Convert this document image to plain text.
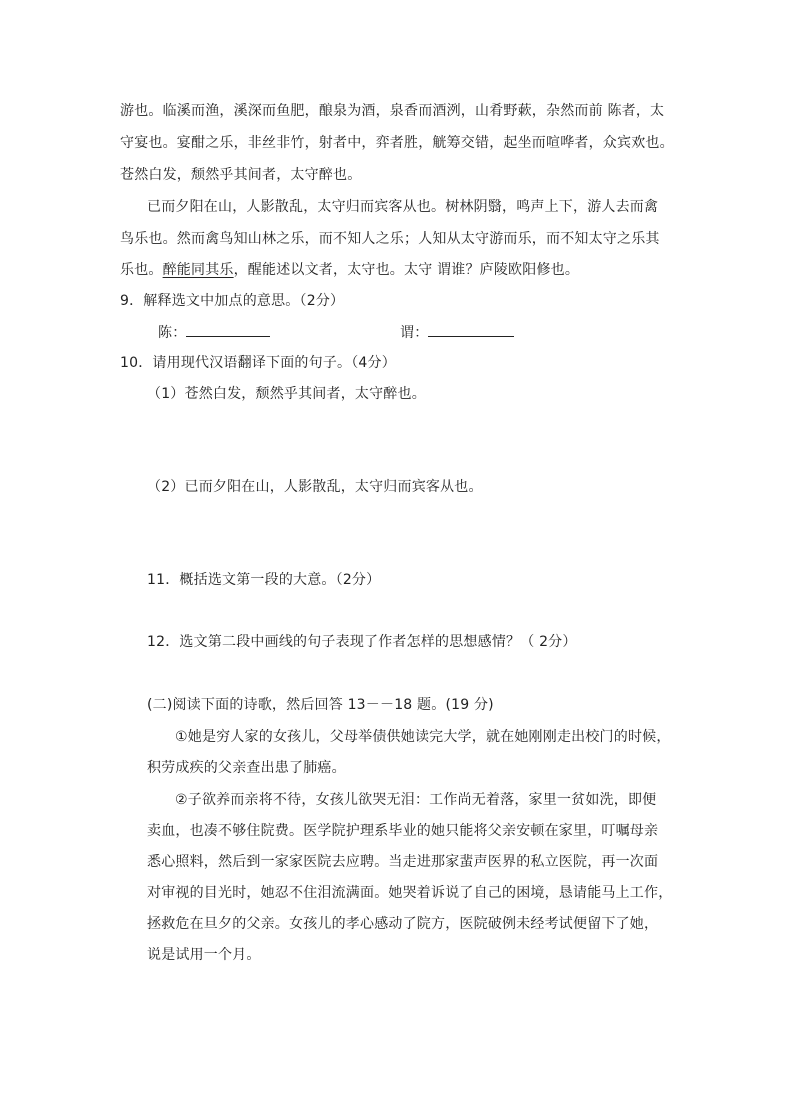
游也。临溪而渔，溪深而鱼肥，酿泉为酒，泉香而酒洌，山肴野蔌，杂然而前 陈者，太
守宴也。宴酣之乐，非丝非竹，射者中，弈者胜，觥筹交错，起坐而喧哗者，众宾欢也。
苍然白发，颓然乎其间者，太守醉也。
已而夕阳在山，人影散乱，太守归而宾客从也。树林阴翳，鸣声上下，游人去而禽
鸟乐也。然而禽鸟知山林之乐，而不知人之乐；人知从太守游而乐，而不知太守之乐其
乐也。醉能同其乐，醒能述以文者，太守也。太守 谓谁？庐陵欧阳修也。
9．解释选文中加点的意思。（2分）
陈：	谓：
10．请用现代汉语翻译下面的句子。（4分）
（1）苍然白发，颓然乎其间者，太守醉也。
（2）已而夕阳在山，人影散乱，太守归而宾客从也。
11．概括选文第一段的大意。（2分）
12．选文第二段中画线的句子表现了作者怎样的思想感情？（ 2分）
(二)阅读下面的诗歌，然后回答 13－－18 题。(19 分)
①她是穷人家的女孩儿，父母举债供她读完大学，就在她刚刚走出校门的时候，
积劳成疾的父亲查出患了肺癌。
②子欲养而亲将不待，女孩儿欲哭无泪：工作尚无着落，家里一贫如洗，即便
卖血，也凑不够住院费。医学院护理系毕业的她只能将父亲安顿在家里，叮嘱母亲
悉心照料，然后到一家家医院去应聘。当走进那家蜚声医界的私立医院，再一次面
对审视的目光时，她忍不住泪流满面。她哭着诉说了自己的困境，恳请能马上工作，
拯救危在旦夕的父亲。女孩儿的孝心感动了院方，医院破例未经考试便留下了她，
说是试用一个月。
